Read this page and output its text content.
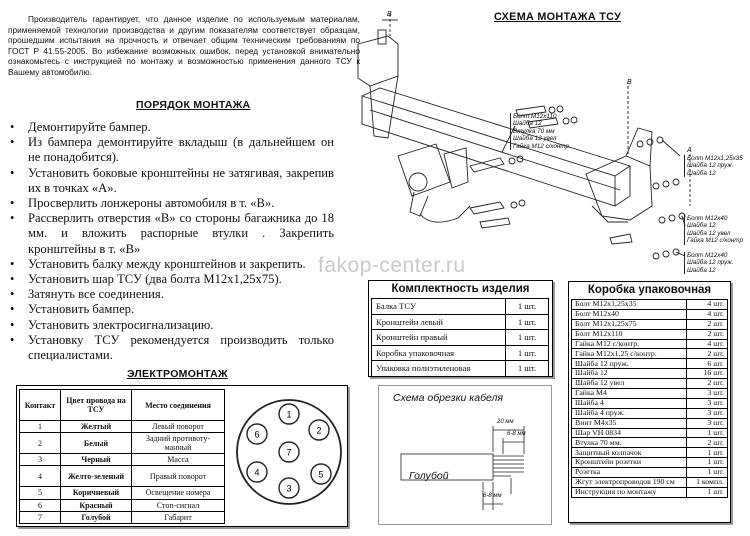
Производитель гарантирует, что данное изделие по используемым материалам, применяемой технологии производства и другим показателям соответствует образцам, прошедшим испытания на прочность и отвечает общим техническим требованиям по ГОСТ Р 41.55-2005. Во избежание возможных ошибок, перед установкой внимательно ознакомьтесь с инструкцией по монтажу и возможностью применения данного ТСУ к Вашему автомобилю.
ПОРЯДОК МОНТАЖА
• Демонтируйте бампер.
• Из бампера демонтируйте вкладыш (в дальнейшем он не понадобится).
• Установить боковые кронштейны не затягивая, закрепив их в точках «А».
• Просверлить лонжероны автомобиля в т. «В».
• Рассверлить отверстия «В» со стороны багажника до 18 мм. и вложить распорные втулки . Закрепить кронштейны в т. «В»
• Установить балку между кронштейнов и закрепить.
• Установить шар ТСУ (два болта М12х1,25х75).
• Затянуть все соединения.
• Установить бампер.
• Установить электросигнализацию.
• Установку ТСУ рекомендуется производить только специалистами.
СХЕМА МОНТАЖА ТСУ
В
В
А
Болт М12х110
Шайба 12
Втулка 70 мм
Шайба 12 увел
Гайка М12 с/контр
Болт М12х1,25х35
Шайба 12 пруж.
Шайба 12
Болт М12х40
Шайба 12
Шайба 12 увел
Гайка М12 с/контр
Болт М12х40
Шайба 12 пруж.
Шайба 12
fakop-center.ru
Комплектность изделия
Балка ТСУ	1 шт.
Кронштейн левый	1 шт.
Кронштейн правый	1 шт.
Коробка упаковочная	1 шт.
Упаковка полиэтиленовая	1 шт.
Коробка упаковочная
Болт М12х1,25х35	4 шт.
Болт М12х40	4 шт.
Болт М12х1,25х75	2 шт.
Болт М12х110	2 шт.
Гайка М12 с/контр.	4 шт.
Гайка М12х1,25 с/контр.	2 шт.
Шайба 12 пруж.	6 шт.
Шайба 12	16 шт.
Шайба 12 увел	2 шт.
Гайка М4	3 шт.
Шайба 4	3 шт.
Шайба 4 пруж.	3 шт.
Винт М4х35	3 шт.
Шар VH 0834	1 шт.
Втулка 70 мм.	2 шт.
Защитный колпачок	1 шт.
Кронштейн розетки	1 шт.
Розетка	1 шт.
Жгут электропроводов 190 см	1 компл.
Инструкция по монтажу	1 шт.
ЭЛЕКТРОМОНТАЖ
Контакт	Цвет провода на ТСУ	Место соединения
1	Желтый	Левый поворот
2	Белый	Задний противоту-манный
3	Черный	Масса
4	Желто-зеленый	Правый поворот
5	Коричневый	Освещение номера
6	Красный	Стоп-сигнал
7	Голубой	Габарит
1
2
3
4	5
6
7
Схема обрезки кабеля
20 мм
6-8 мм
6-8 мм
Голубой
